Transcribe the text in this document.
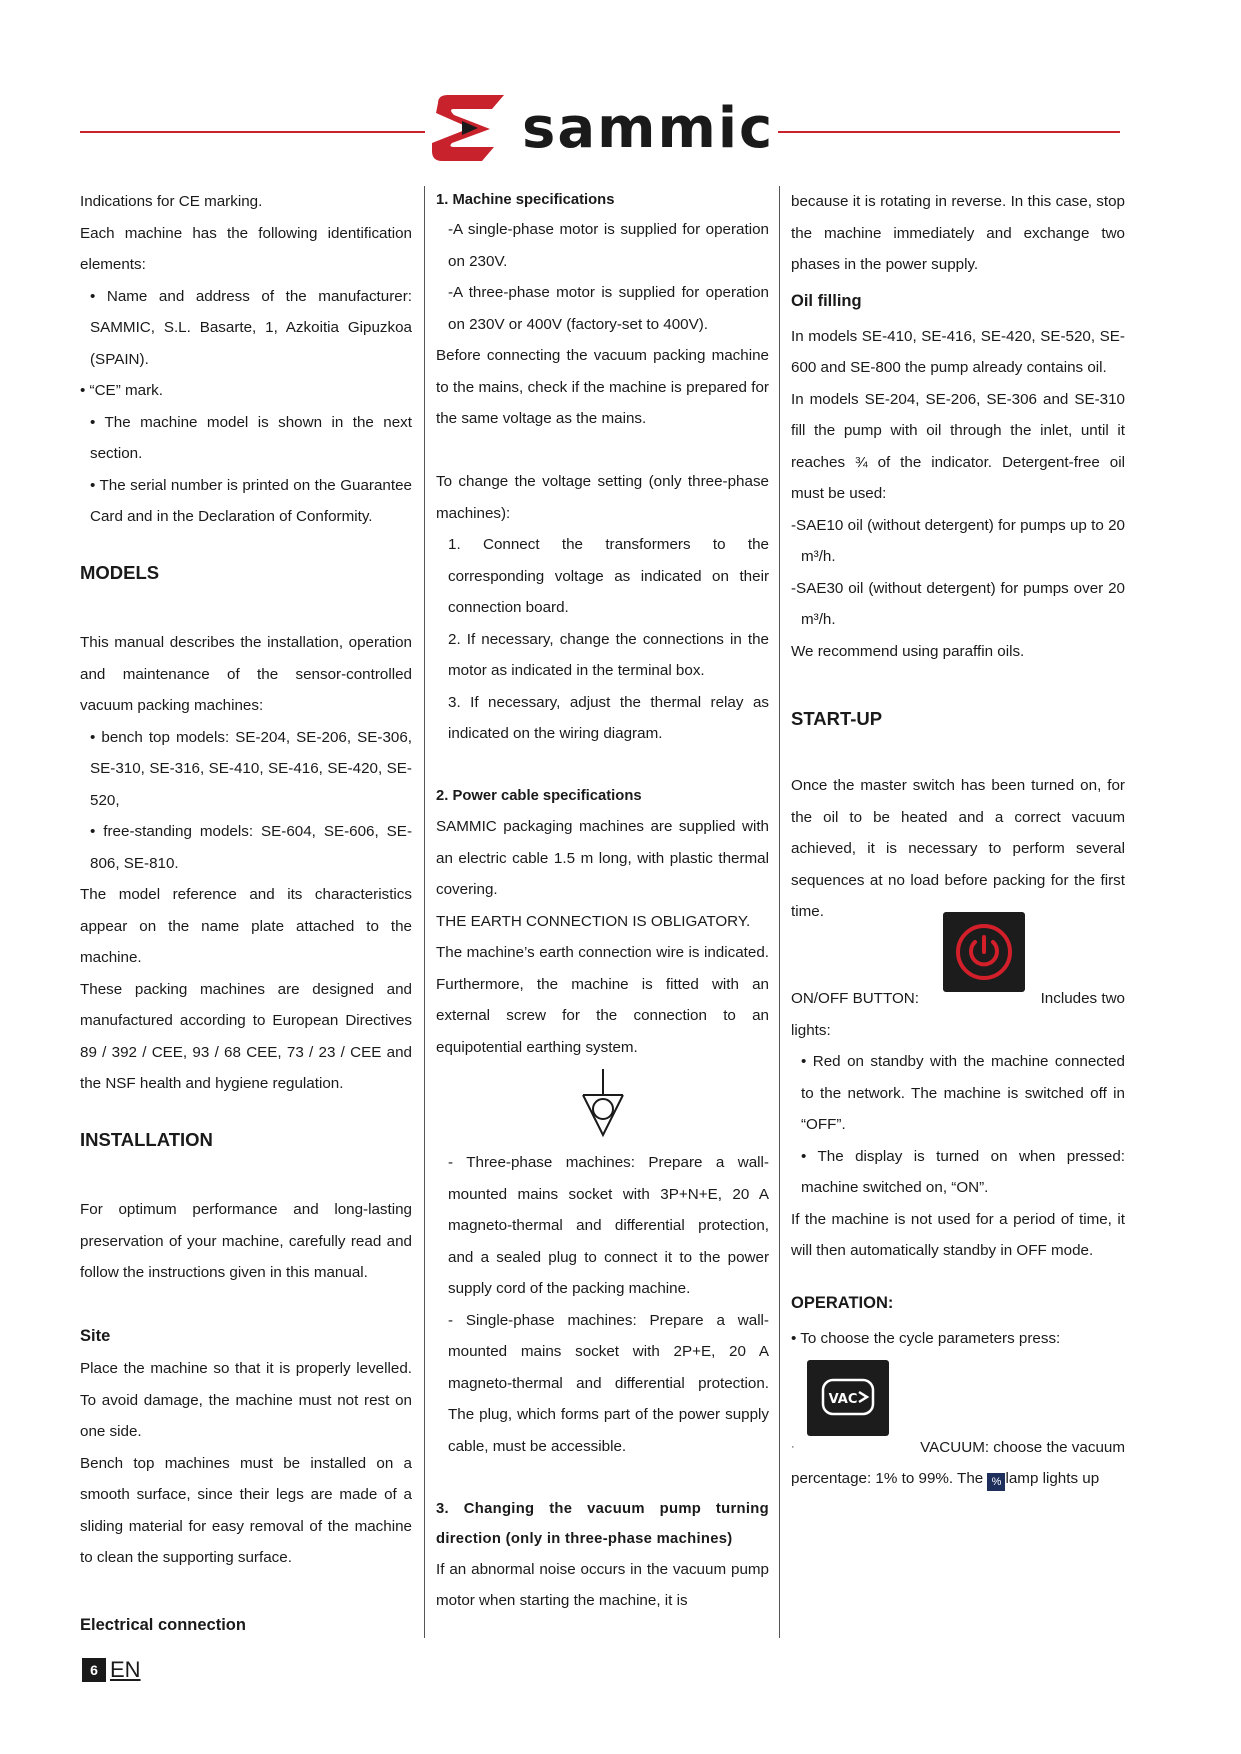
sammic

Indications for CE marking.

Each machine has the following identification elements:

• Name and address of the manufacturer: SAMMIC, S.L. Basarte, 1, Azkoitia Gipuzkoa (SPAIN).

• “CE” mark.

• The machine model is shown in the next section.

• The serial number is printed on the Guarantee Card and in the Declaration of Conformity.

MODELS

This manual describes the installation, operation and maintenance of the sensor-controlled vacuum packing machines:

• bench top models: SE-204, SE-206, SE-306, SE-310, SE-316, SE-410, SE-416, SE-420, SE-520,

• free-standing models: SE-604, SE-606, SE-806, SE-810.

The model reference and its characteristics appear on the name plate attached to the machine.

These packing machines are designed and manufactured according to European Directives 89 / 392 / CEE, 93 / 68 CEE, 73 / 23 / CEE and the NSF health and hygiene regulation.

INSTALLATION

For optimum performance and long-lasting preservation of your machine, carefully read and follow the instructions given in this manual.

Site

Place the machine so that it is properly levelled. To avoid damage, the machine must not rest on one side.

Bench top machines must be installed on a smooth surface, since their legs are made of a sliding material for easy removal of the machine to clean the supporting surface.

Electrical connection

1. Machine specifications

-A single-phase motor is supplied for operation on 230V.

-A three-phase motor is supplied for operation on 230V or 400V (factory-set to 400V).

Before connecting the vacuum packing machine to the mains, check if the machine is prepared for the same voltage as the mains.

To change the voltage setting (only three-phase machines):

1. Connect the transformers to the corresponding voltage as indicated on their connection board.

2. If necessary, change the connections in the motor as indicated in the terminal box.

3. If necessary, adjust the thermal relay as indicated on the wiring diagram.

2. Power cable specifications

SAMMIC packaging machines are supplied with an electric cable 1.5 m long, with plastic thermal covering.

THE EARTH CONNECTION IS OBLIGATORY.

The machine’s earth connection wire is indicated. Furthermore, the machine is fitted with an external screw for the connection to an equipotential earthing system.

- Three-phase machines: Prepare a wall-mounted mains socket with 3P+N+E, 20 A magneto-thermal and differential protection, and a sealed plug to connect it to the power supply cord of the packing machine.

- Single-phase machines: Prepare a wall-mounted mains socket with 2P+E, 20 A magneto-thermal and differential protection. The plug, which forms part of the power supply cable, must be accessible.

3. Changing the vacuum pump turning direction (only in three-phase machines)

If an abnormal noise occurs in the vacuum pump motor when starting the machine, it is

because it is rotating in reverse. In this case, stop the machine immediately and exchange two phases in the power supply.

Oil filling

In models SE-410, SE-416, SE-420, SE-520, SE-600 and SE-800 the pump already contains oil.

In models SE-204, SE-206, SE-306 and SE-310 fill the pump with oil through the inlet, until it reaches ¾ of the indicator. Detergent-free oil must be used:

-SAE10 oil (without detergent) for pumps up to 20 m³/h.

-SAE30 oil (without detergent) for pumps over 20 m³/h.

We recommend using paraffin oils.

START-UP

Once the master switch has been turned on, for the oil to be heated and a correct vacuum achieved, it is necessary to perform several sequences at no load before packing for the first time.

ON/OFF BUTTON:	Includes two

lights:

• Red on standby with the machine connected to the network. The machine is switched off in “OFF”.

• The display is turned on when pressed: machine switched on, “ON”.

If the machine is not used for a period of time, it will then automatically standby in OFF mode.

OPERATION:

• To choose the cycle parameters press:

·
VAC
VACUUM: choose the vacuum

percentage: 1% to 99%. The % lamp lights up

6 EN
